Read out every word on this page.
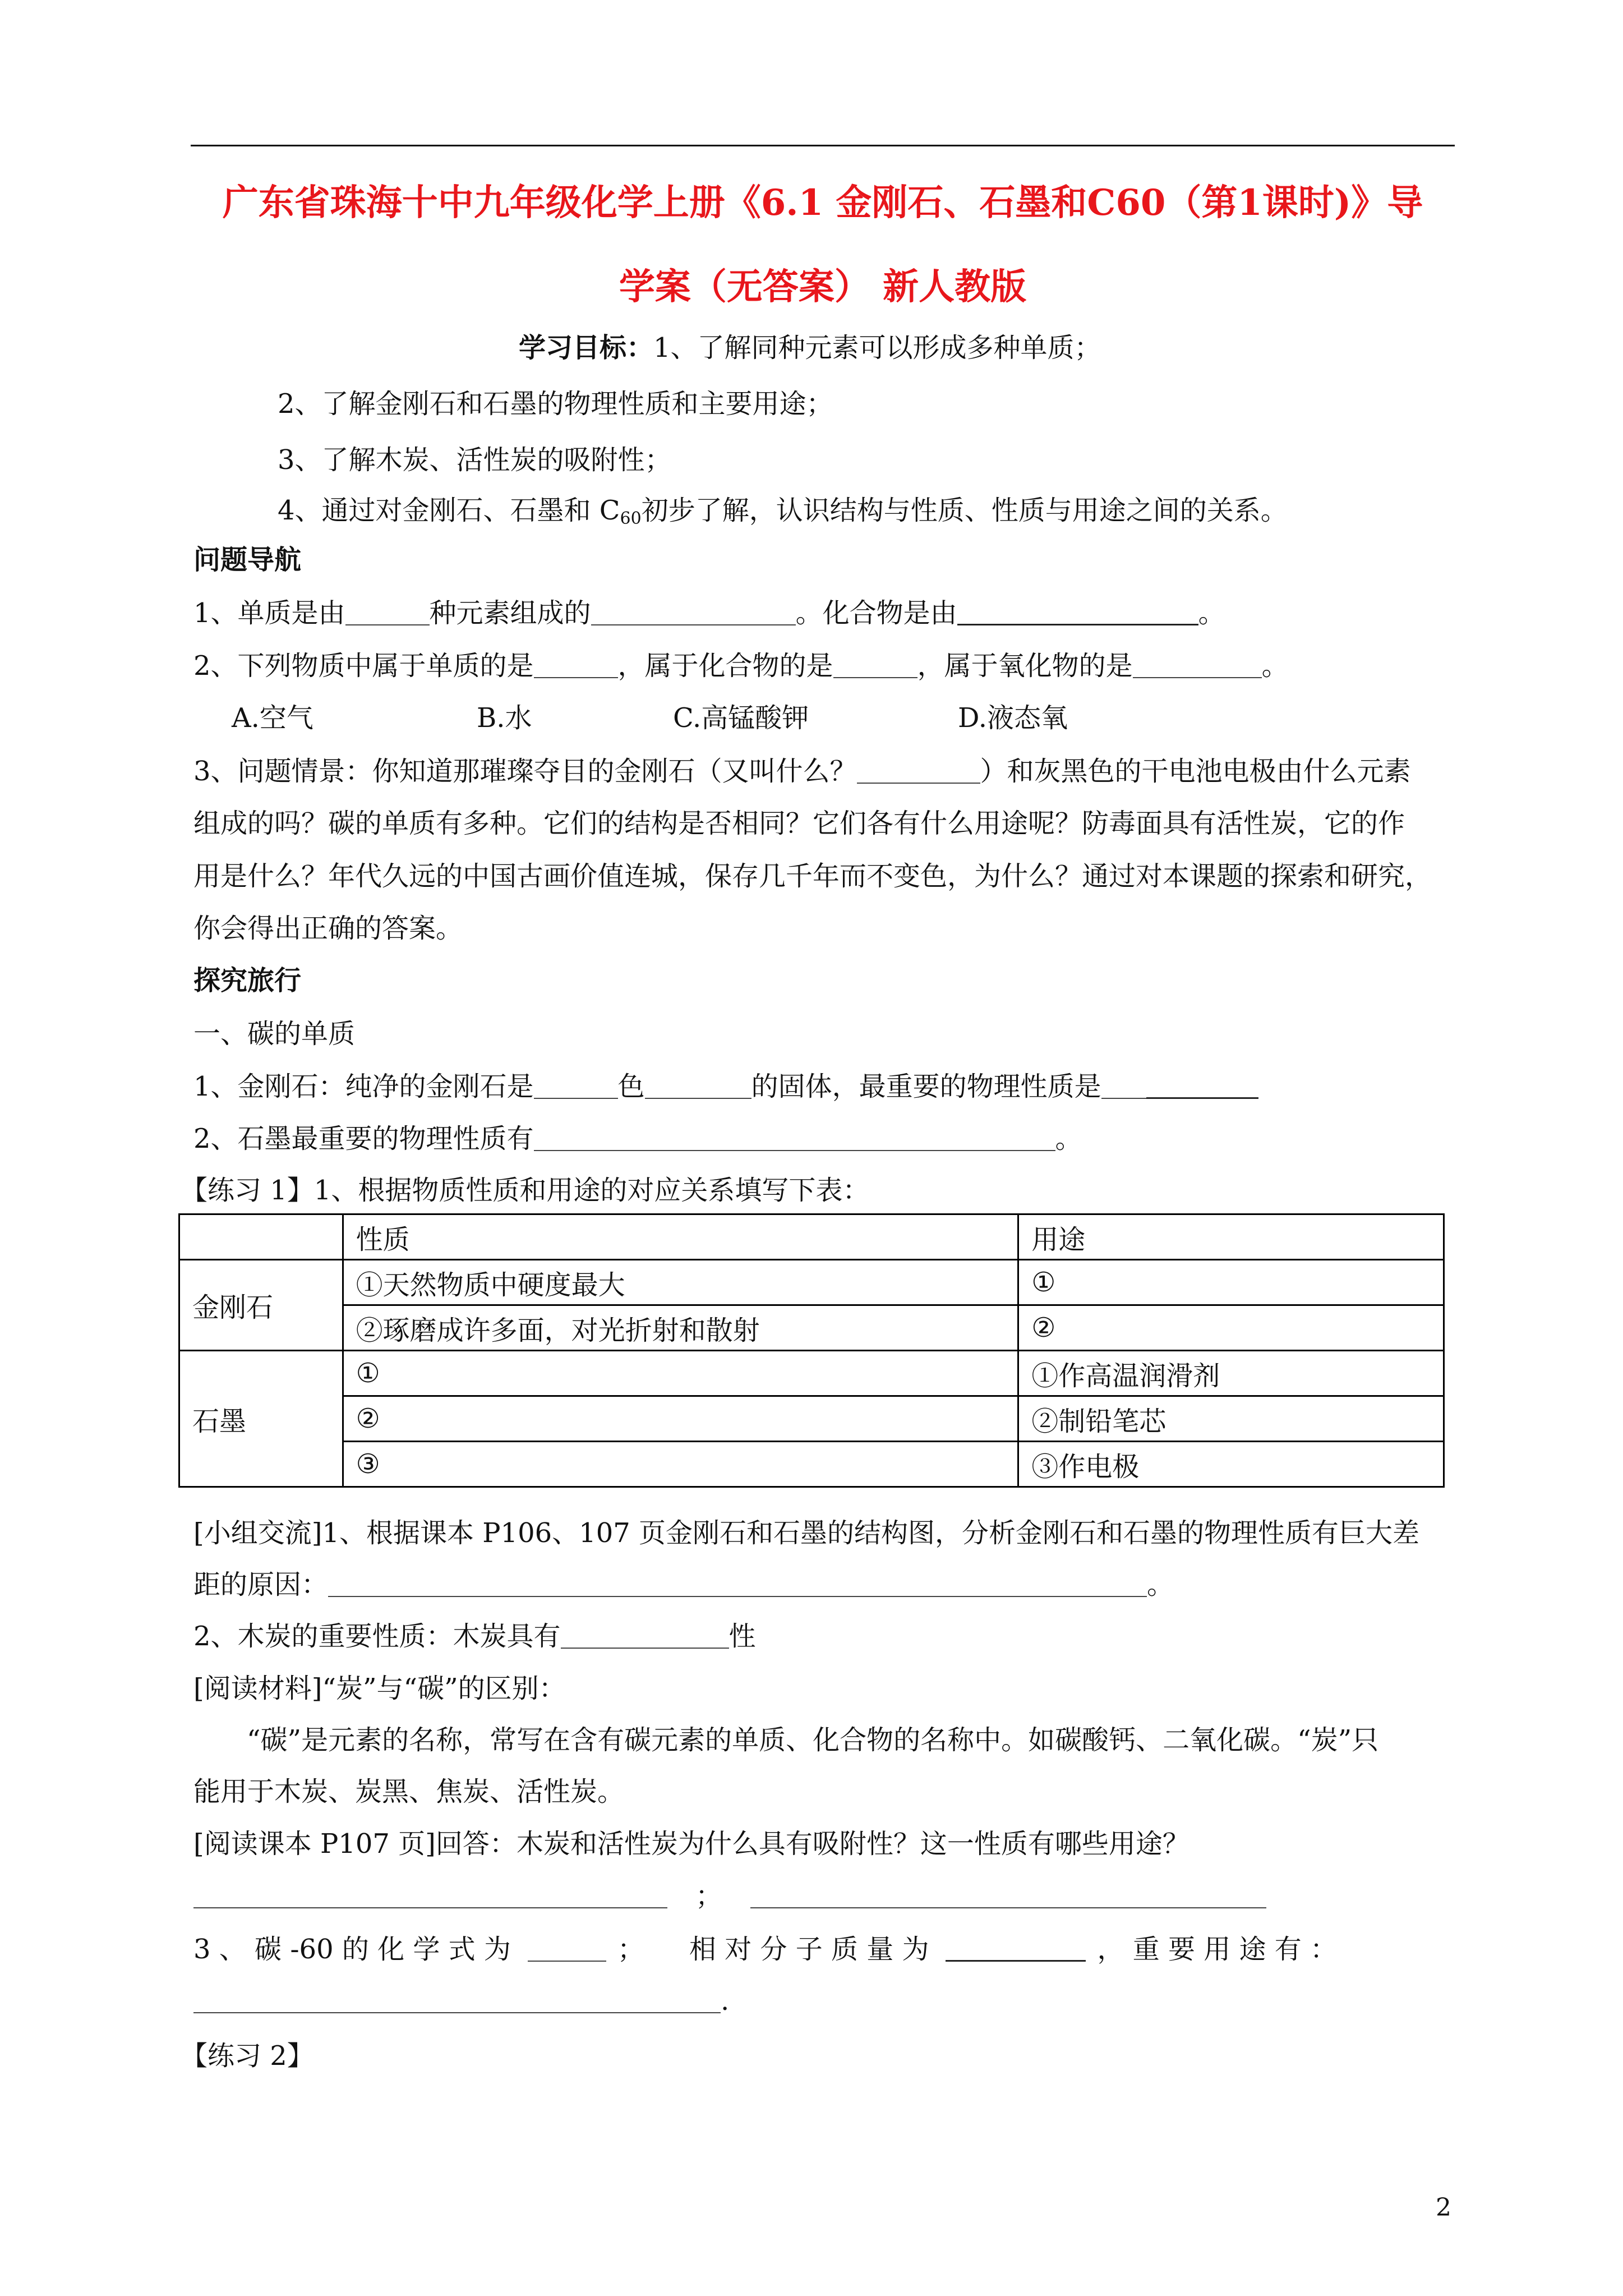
广东省珠海十中九年级化学上册《6.1 金刚石、石墨和C60（第1课时)》导
学案（无答案） 新人教版
学习目标：1、了解同种元素可以形成多种单质；
2、了解金刚石和石墨的物理性质和主要用途；
3、了解木炭、活性炭的吸附性；
4、通过对金刚石、石墨和 $C_{60}$初步了解，认识结构与性质、性质与用途之间的关系。
问题导航
1、单质是由	种元素组成的	。化合物是由	。
2、下列物质中属于单质的是	，属于化合物的是	，属于氧化物的是	。
A.空气	B.水	C.高锰酸钾	D.液态氧
3、问题情景：你知道那璀璨夺目的金刚石（又叫什么？	）和灰黑色的干电池电极由什么元素
组成的吗？碳的单质有多种。它们的结构是否相同？它们各有什么用途呢？防毒面具有活性炭，它的作
用是什么？年代久远的中国古画价值连城，保存几千年而不变色，为什么？通过对本课题的探索和研究，
你会得出正确的答案。
探究旅行
一、碳的单质
1、金刚石：纯净的金刚石是	色	的固体，最重要的物理性质是
2、石墨最重要的物理性质有	。
【练习 1】1、根据物质性质和用途的对应关系填写下表：
	性质	用途
金刚石	①天然物质中硬度最大	①
	②琢磨成许多面，对光折射和散射	②
石墨	①	①作高温润滑剂
	②	②制铅笔芯
	③	③作电极
[小组交流]1、根据课本 P106、107 页金刚石和石墨的结构图，分析金刚石和石墨的物理性质有巨大差
距的原因：	。
2、木炭的重要性质：木炭具有	性
[阅读材料]“炭”与“碳”的区别：
“碳”是元素的名称，常写在含有碳元素的单质、化合物的名称中。如碳酸钙、二氧化碳。“炭”只
能用于木炭、炭黑、焦炭、活性炭。
[阅读课本 P107 页]回答：木炭和活性炭为什么具有吸附性？这一性质有哪些用途？
；
3 、 碳 -60 的 化 学 式 为	； 相 对 分 子 质 量 为	， 重 要 用 途 有 ：
.
【练习 2】
2
